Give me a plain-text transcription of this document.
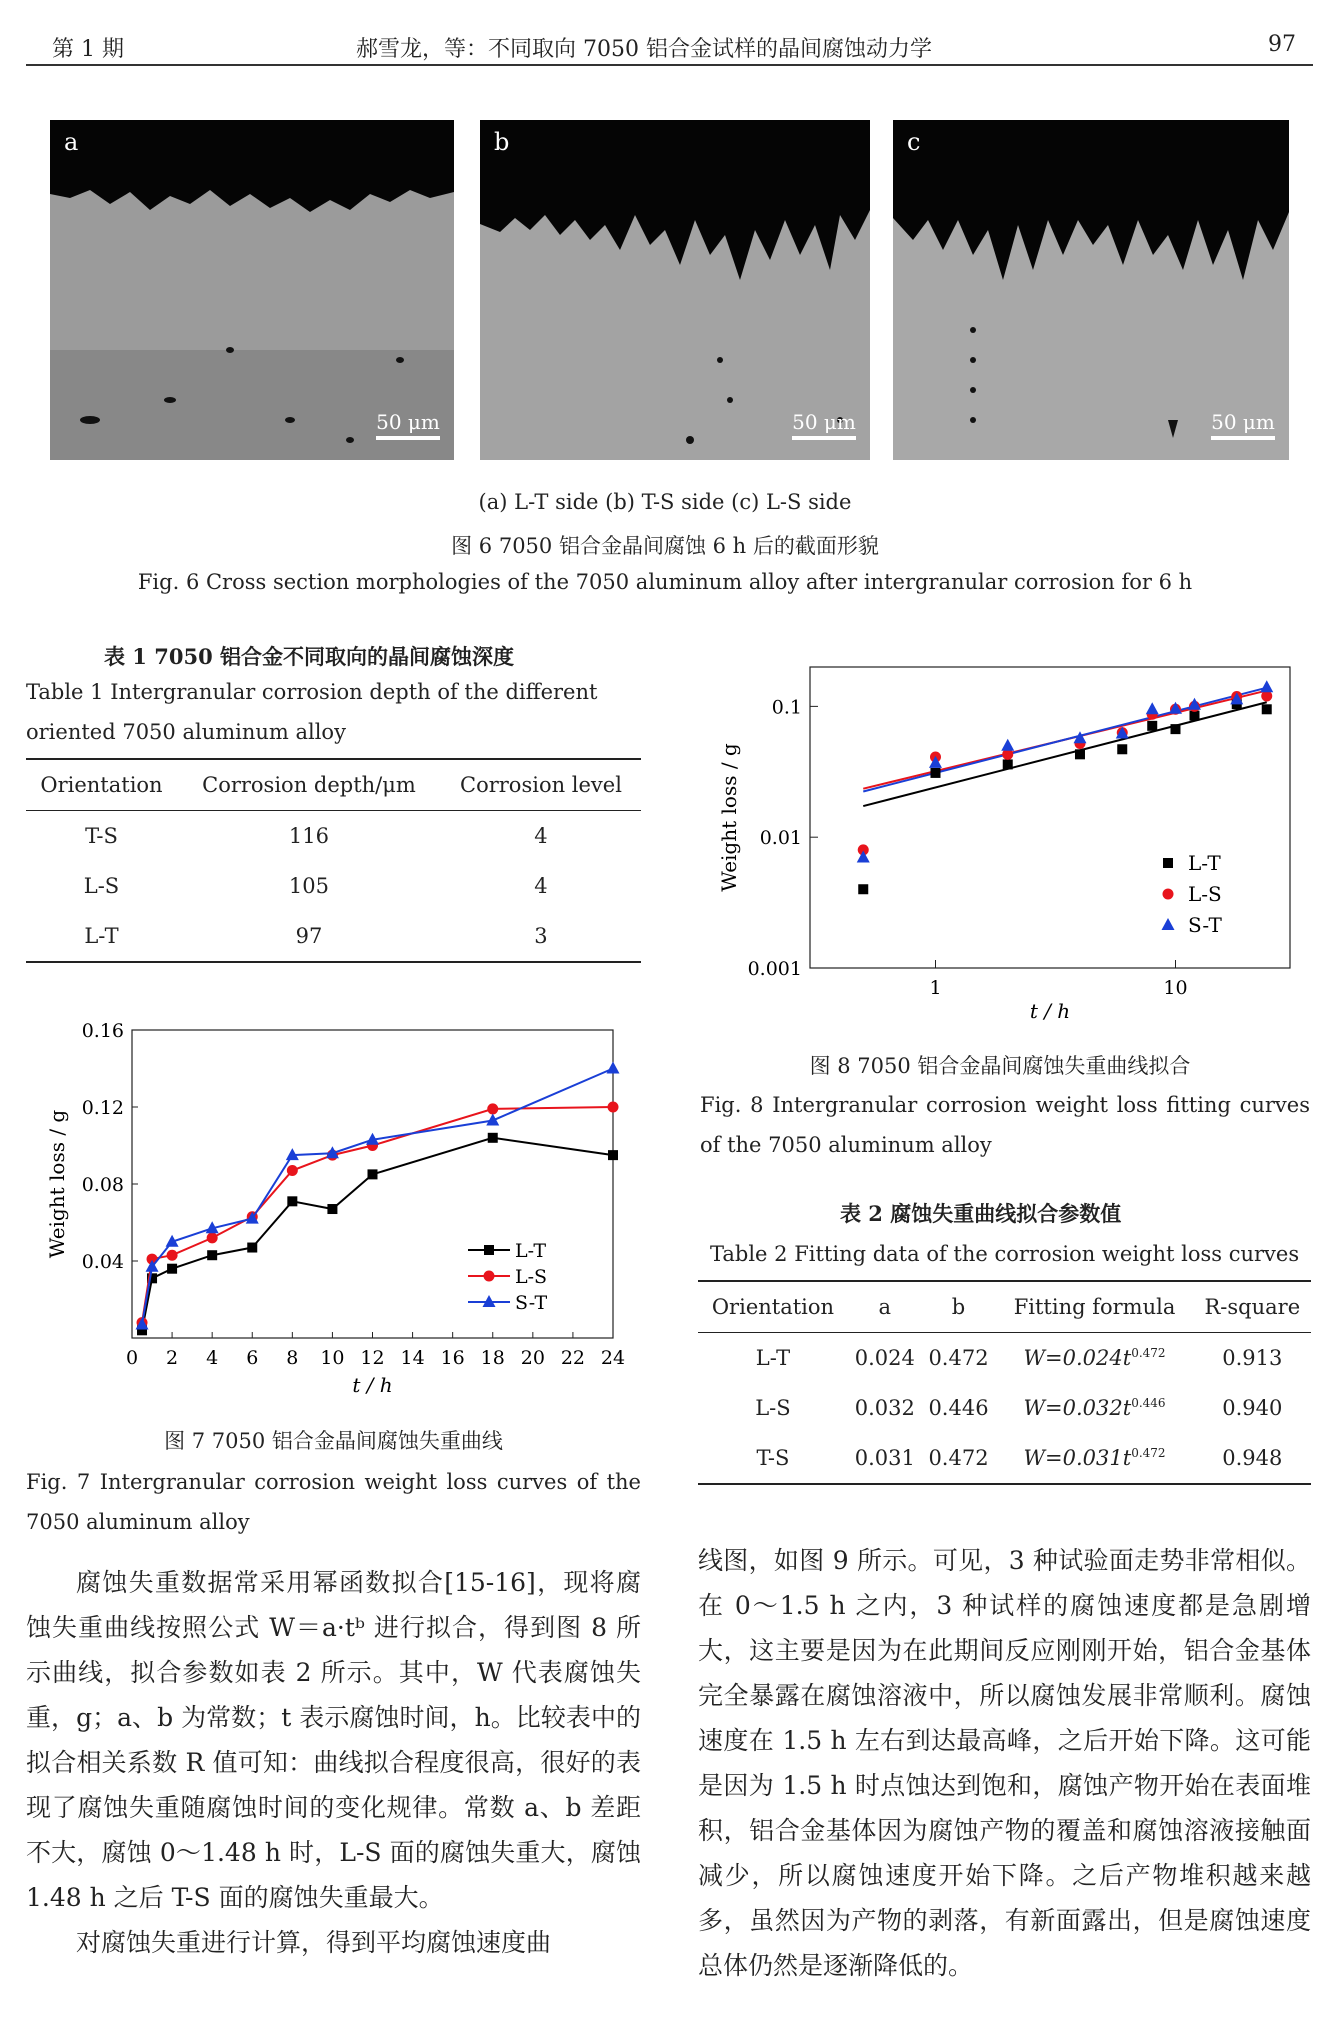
第 1 期	郝雪龙，等：不同取向 7050 铝合金试样的晶间腐蚀动力学	97
a
50 μm
b
50 μm
c
50 μm
(a) L-T side (b) T-S side (c) L-S side
图 6 7050 铝合金晶间腐蚀 6 h 后的截面形貌
Fig. 6 Cross section morphologies of the 7050 aluminum alloy after intergranular corrosion for 6 h
表 1 7050 铝合金不同取向的晶间腐蚀深度
Table 1 Intergranular corrosion depth of the different oriented 7050 aluminum alloy
Orientation	Corrosion depth/μm	Corrosion level
T-S	116	4
L-S	105	4
L-T	97	3
0 2 4 6 8 10 12 14 16 18 20 22 24
0.04
0.08
0.12
0.16
t / h
Weight loss / g	L-T
L-S
S-T
图 7 7050 铝合金晶间腐蚀失重曲线
Fig. 7 Intergranular corrosion weight loss curves of the 7050 aluminum alloy
1	10
0.001
0.01
0.1
t / h
Weight loss / g	L-T
L-S
S-T
图 8 7050 铝合金晶间腐蚀失重曲线拟合
Fig. 8 Intergranular corrosion weight loss fitting curves of the 7050 aluminum alloy
表 2 腐蚀失重曲线拟合参数值
Table 2 Fitting data of the corrosion weight loss curves
Orientation	a	b	Fitting formula	R-square
L-T	0.024	0.472	$W=0.024t^{0.472}$	0.913
L-S	0.032	0.446	$W=0.032t^{0.446}$	0.940
T-S	0.031	0.472	$W=0.031t^{0.472}$	0.948

腐蚀失重数据常采用幂函数拟合[15-16]，现将腐蚀失重曲线按照公式 W＝a·tᵇ 进行拟合，得到图 8 所示曲线，拟合参数如表 2 所示。其中，W 代表腐蚀失重，g；a、b 为常数；t 表示腐蚀时间，h。比较表中的拟合相关系数 R 值可知：曲线拟合程度很高，很好的表现了腐蚀失重随腐蚀时间的变化规律。常数 a、b 差距不大，腐蚀 0～1.48 h 时，L-S 面的腐蚀失重大，腐蚀 1.48 h 之后 T-S 面的腐蚀失重最大。

对腐蚀失重进行计算，得到平均腐蚀速度曲

线图，如图 9 所示。可见，3 种试验面走势非常相似。在 0～1.5 h 之内，3 种试样的腐蚀速度都是急剧增大，这主要是因为在此期间反应刚刚开始，铝合金基体完全暴露在腐蚀溶液中，所以腐蚀发展非常顺利。腐蚀速度在 1.5 h 左右到达最高峰，之后开始下降。这可能是因为 1.5 h 时点蚀达到饱和，腐蚀产物开始在表面堆积，铝合金基体因为腐蚀产物的覆盖和腐蚀溶液接触面减少，所以腐蚀速度开始下降。之后产物堆积越来越多，虽然因为产物的剥落，有新面露出，但是腐蚀速度总体仍然是逐渐降低的。
